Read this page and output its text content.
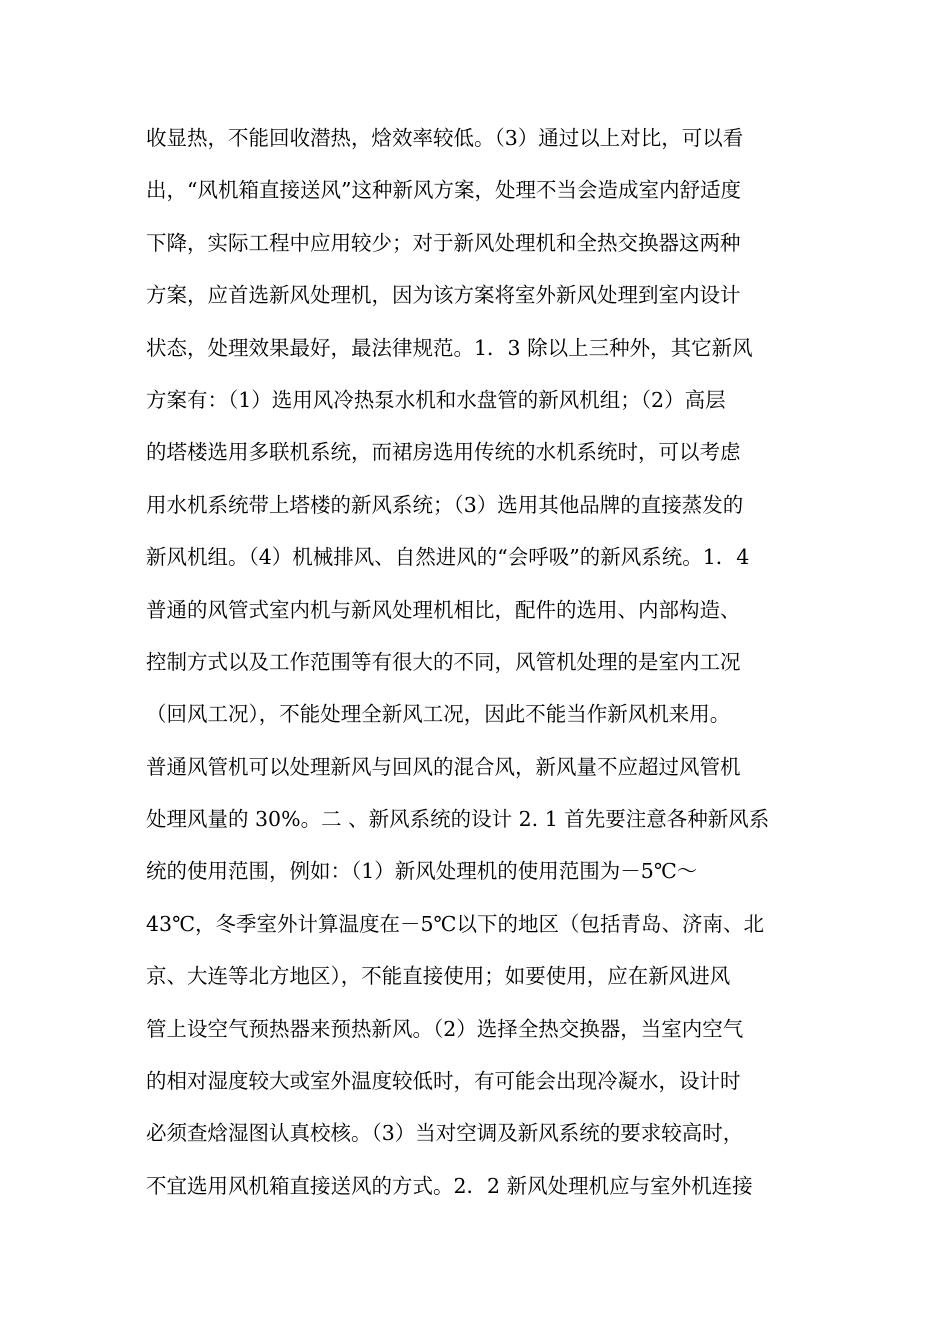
收显热，不能回收潜热，焓效率较低。（3）通过以上对比，可以看
出，“风机箱直接送风”这种新风方案，处理不当会造成室内舒适度
下降，实际工程中应用较少；对于新风处理机和全热交换器这两种
方案，应首选新风处理机，因为该方案将室外新风处理到室内设计
状态，处理效果最好，最法律规范。1．3 除以上三种外，其它新风
方案有：（1）选用风冷热泵水机和水盘管的新风机组；（2）高层
的塔楼选用多联机系统，而裙房选用传统的水机系统时，可以考虑
用水机系统带上塔楼的新风系统；（3）选用其他品牌的直接蒸发的
新风机组。（4）机械排风、自然进风的“会呼吸”的新风系统。1．4
普通的风管式室内机与新风处理机相比，配件的选用、内部构造、
控制方式以及工作范围等有很大的不同，风管机处理的是室内工况
（回风工况），不能处理全新风工况，因此不能当作新风机来用。
普通风管机可以处理新风与回风的混合风，新风量不应超过风管机
处理风量的 30%。二 、新风系统的设计 2. 1 首先要注意各种新风系
统的使用范围，例如：（1）新风处理机的使用范围为－5℃～
43℃，冬季室外计算温度在－5℃以下的地区（包括青岛、济南、北
京、大连等北方地区），不能直接使用；如要使用，应在新风进风
管上设空气预热器来预热新风。（2）选择全热交换器，当室内空气
的相对湿度较大或室外温度较低时，有可能会出现冷凝水，设计时
必须查焓湿图认真校核。（3）当对空调及新风系统的要求较高时，
不宜选用风机箱直接送风的方式。2．2 新风处理机应与室外机连接
